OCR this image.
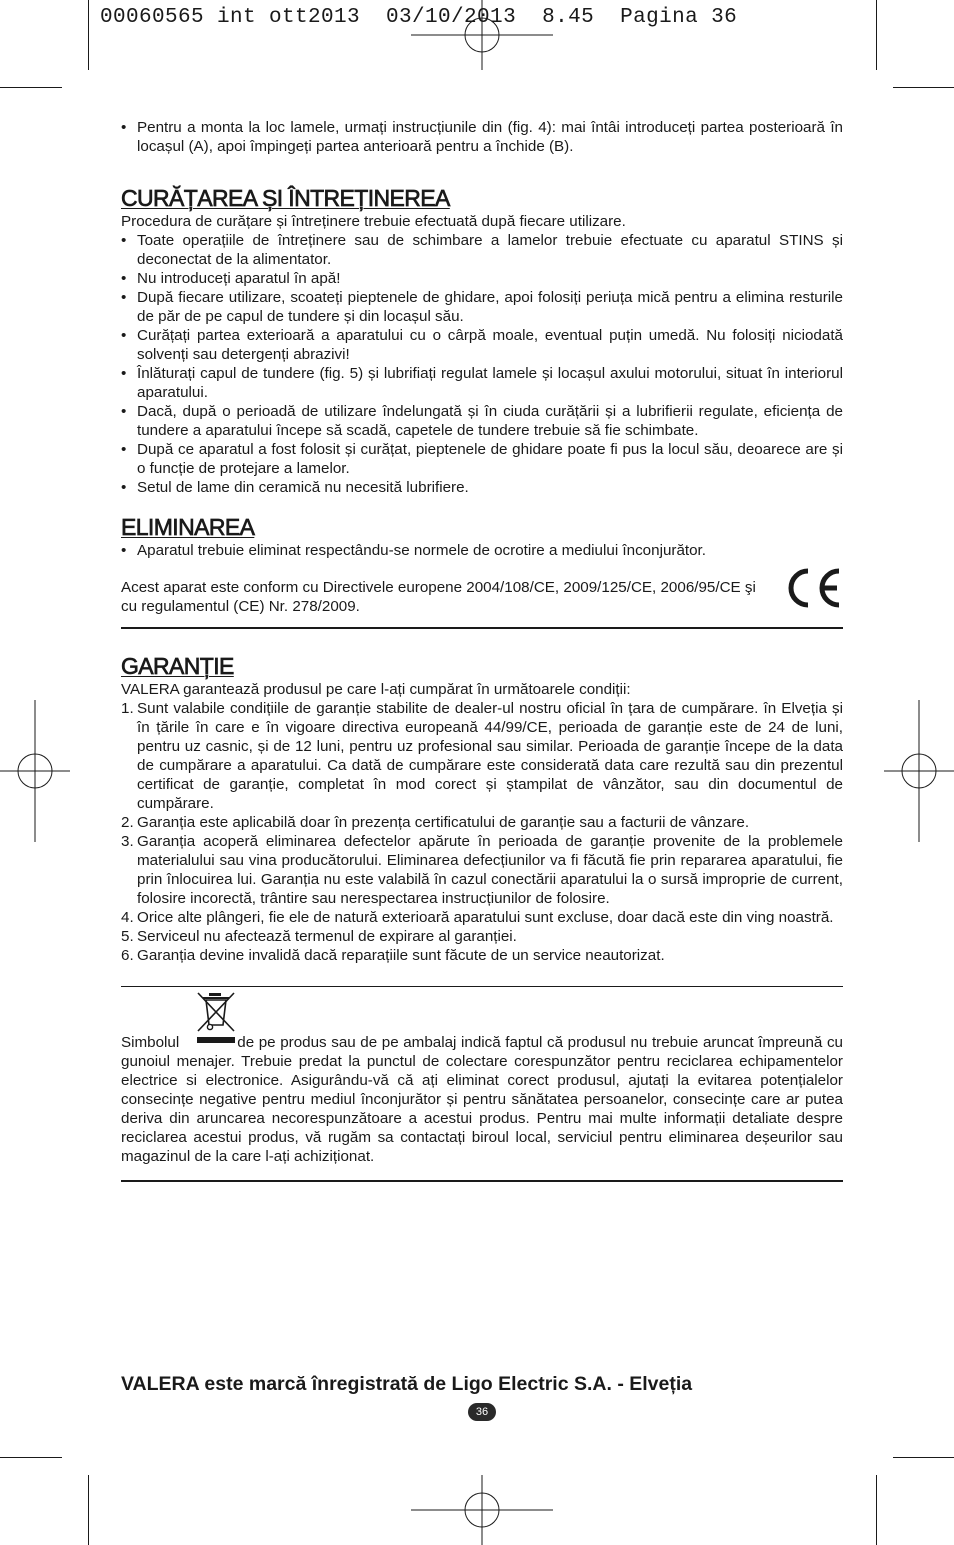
00060565 int ott2013  03/10/2013  8.45  Pagina 36
• Pentru a monta la loc lamele, urmați instrucțiunile din (fig. 4): mai întâi introduceți partea posterioară în locașul (A), apoi împingeți partea anterioară pentru a închide (B).
CURĂȚAREA ȘI ÎNTREȚINEREA

Procedura de curățare și întreținere trebuie efectuată după fiecare utilizare.

• Toate operațiile de întreținere sau de schimbare a lamelor trebuie efectuate cu aparatul STINS și deconectat de la alimentator.
• Nu introduceți aparatul în apă!
• După fiecare utilizare, scoateți pieptenele de ghidare, apoi folosiți periuța mică pentru a elimina resturile de păr de pe capul de tundere și din locașul său.
• Curățați partea exterioară a aparatului cu o cârpă moale, eventual puțin umedă. Nu folosiți niciodată solvenți sau detergenți abrazivi!
• Înlăturați capul de tundere (fig. 5) și lubrifiați regulat lamele și locașul axului motorului, situat în interiorul aparatului.
• Dacă, după o perioadă de utilizare îndelungată și în ciuda curățării și a lubrifierii regulate, eficiența de tundere a aparatului începe să scadă, capetele de tundere trebuie să fie schimbate.
• După ce aparatul a fost folosit și curățat, pieptenele de ghidare poate fi pus la locul său, deoarece are și o funcție de protejare a lamelor.
• Setul de lame din ceramică nu necesită lubrifiere.
ELIMINAREA
• Aparatul trebuie eliminat respectându-se normele de ocrotire a mediului înconjurător.

Acest aparat este conform cu Directivele europene 2004/108/CE, 2009/125/CE, 2006/95/CE şi cu regulamentul (CE) Nr. 278/2009.

GARANȚIE

VALERA garantează produsul pe care l-ați cumpărat în următoarele condiții:

1. Sunt valabile condițiile de garanție stabilite de dealer-ul nostru oficial în țara de cumpărare. în Elveția și în țările în care e în vigoare directiva europeană 44/99/CE, perioada de garanție este de 24 de luni, pentru uz casnic, și de 12 luni, pentru uz profesional sau similar. Perioada de garanție începe de la data de cumpărare a aparatului. Ca dată de cumpărare este considerată data care rezultă sau din prezentul certificat de garanție, completat în mod corect și ștampilat de vânzător, sau din documentul de cumpărare.
2. Garanția este aplicabilă doar în prezența certificatului de garanție sau a facturii de vânzare.
3. Garanția acoperă eliminarea defectelor apărute în perioada de garanție provenite de la problemele materialului sau vina producătorului. Eliminarea defecțiunilor va fi făcută fie prin repararea aparatului, fie prin înlocuirea lui. Garanția nu este valabilă în cazul conectării aparatului la o sursă improprie de current, folosire incorectă, trântire sau nerespectarea instrucțiunilor de folosire.
4. Orice alte plângeri, fie ele de natură exterioară aparatului sunt excluse, doar dacă este din ving noastră.
5. Serviceul nu afectează termenul de expirare al garanției.
6. Garanția devine invalidă dacă reparațiile sunt făcute de un service neautorizat.

Simbolul	de pe produs sau de pe ambalaj indică faptul că produsul nu trebuie aruncat împreună cu gunoiul menajer. Trebuie predat la punctul de colectare corespunzător pentru reciclarea echipamentelor electrice si electronice. Asigurându-vă că ați eliminat corect produsul, ajutați la evitarea potențialelor consecințe negative pentru mediul înconjurător și pentru sănătatea persoanelor, consecințe care ar putea deriva din aruncarea necorespunzătoare a acestui produs. Pentru mai multe informații detaliate despre reciclarea acestui produs, vă rugăm sa contactați biroul local, serviciul pentru eliminarea deșeurilor sau magazinul de la care l-ați achiziționat.

VALERA este marcă înregistrată de Ligo Electric S.A. - Elveția
36
